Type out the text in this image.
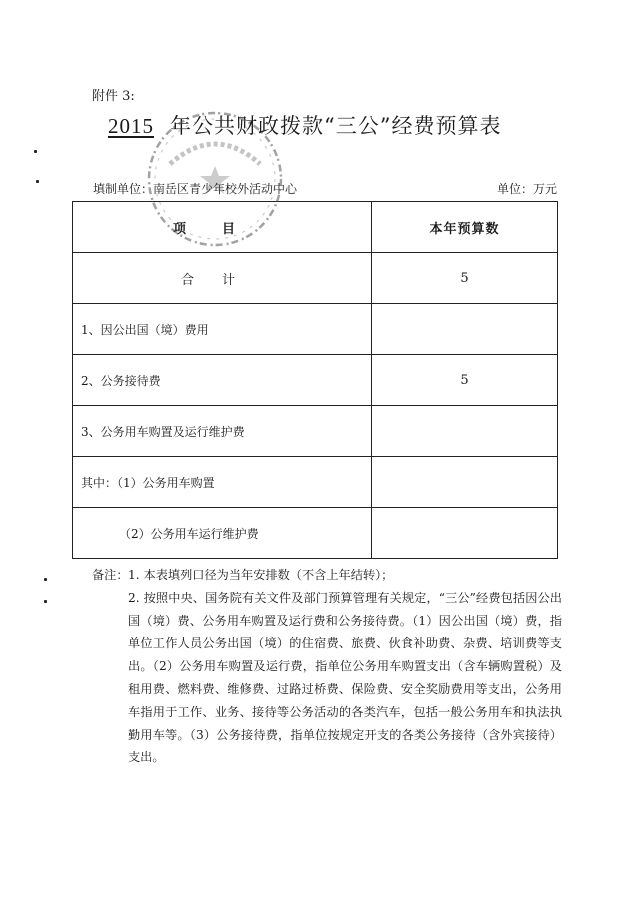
附件 3:
2015 年公共财政拨款“三公”经费预算表
填制单位：南岳区青少年校外活动中心	单位：万元
项目	本年预算数
合计	5
1、因公出国（境）费用	
2、公务接待费	5
3、公务用车购置及运行维护费	
其中：（1）公务用车购置	
（2）公务用车运行维护费	
备注： 1. 本表填列口径为当年安排数（不含上年结转）；
2. 按照中央、国务院有关文件及部门预算管理有关规定，“三公”经费包括因公出国（境）费、公务用车购置及运行费和公务接待费。（1）因公出国（境）费，指单位工作人员公务出国（境）的住宿费、旅费、伙食补助费、杂费、培训费等支出。（2）公务用车购置及运行费，指单位公务用车购置支出（含车辆购置税）及租用费、燃料费、维修费、过路过桥费、保险费、安全奖励费用等支出，公务用车指用于工作、业务、接待等公务活动的各类汽车，包括一般公务用车和执法执勤用车等。（3）公务接待费，指单位按规定开支的各类公务接待（含外宾接待）支出。
